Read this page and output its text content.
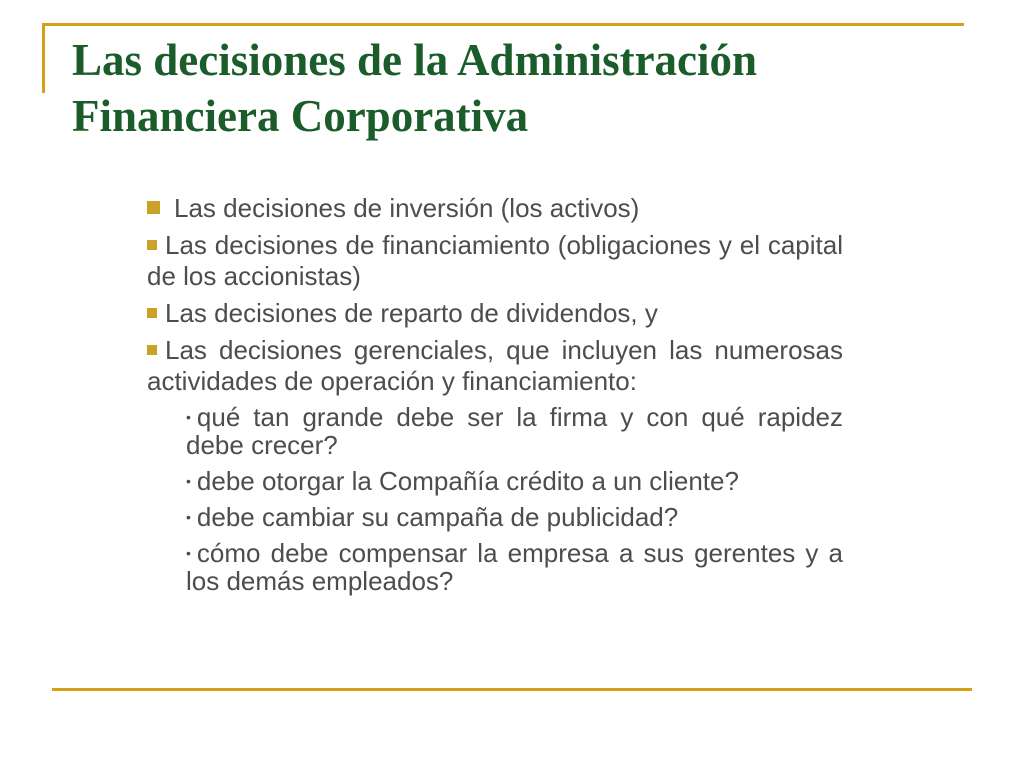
Las decisiones de la Administración Financiera Corporativa

Las decisiones de inversión (los activos)

Las decisiones de financiamiento (obligaciones y el capital de los accionistas)

Las decisiones de reparto de dividendos, y

Las decisiones gerenciales, que incluyen las numerosas actividades de operación y financiamiento:

• qué tan grande debe ser la firma y con qué rapidez debe crecer?

• debe otorgar la Compañía crédito a un cliente?

• debe cambiar su campaña de publicidad?

• cómo debe compensar la empresa a sus gerentes y a los demás empleados?
